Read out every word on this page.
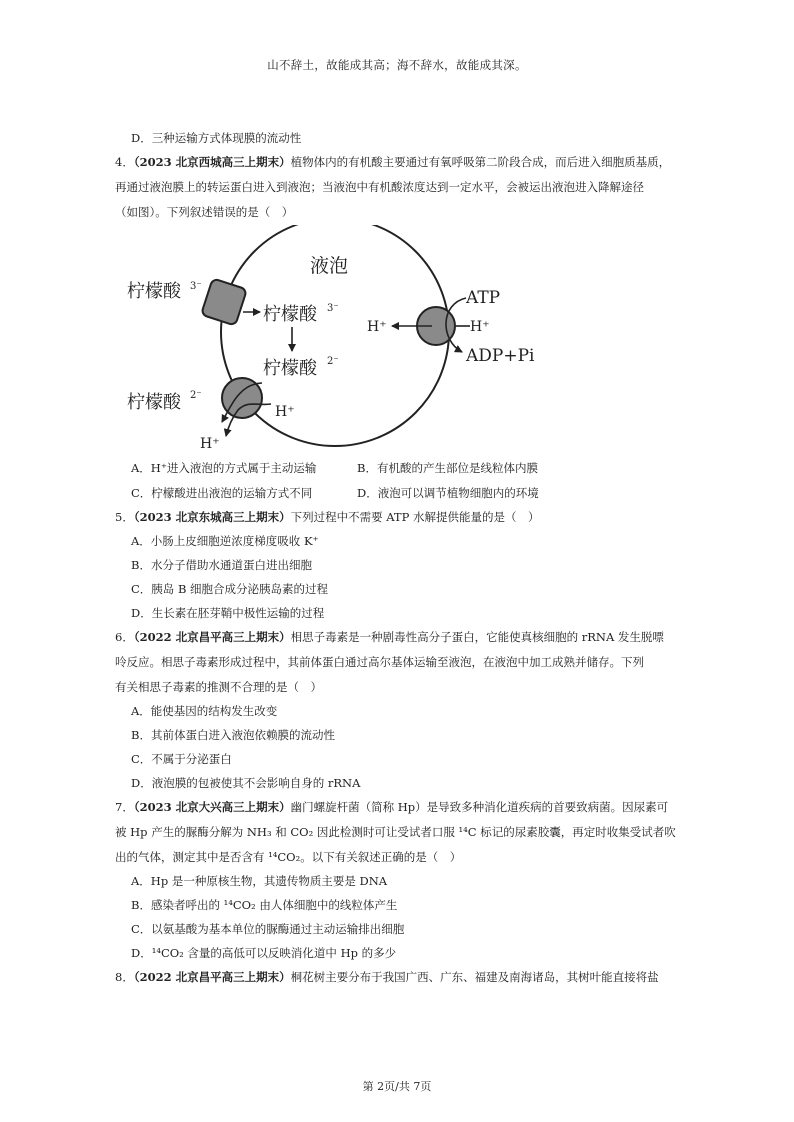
山不辞土，故能成其高；海不辞水，故能成其深。
D．三种运输方式体现膜的流动性
4．（2023 北京西城高三上期末）植物体内的有机酸主要通过有氧呼吸第二阶段合成，而后进入细胞质基质，
再通过液泡膜上的转运蛋白进入到液泡；当液泡中有机酸浓度达到一定水平，会被运出液泡进入降解途径
（如图）。下列叙述错误的是（　）
液泡
柠檬酸 3⁻
柠檬酸 3⁻
柠檬酸 2⁻
柠檬酸 2⁻
H⁺
H⁺
H⁺	H⁺
ATP
ADP+Pi
A．H⁺进入液泡的方式属于主动运输	B．有机酸的产生部位是线粒体内膜
C．柠檬酸进出液泡的运输方式不同	D．液泡可以调节植物细胞内的环境
5．（2023 北京东城高三上期末）下列过程中不需要 ATP 水解提供能量的是（　）
A．小肠上皮细胞逆浓度梯度吸收 K⁺
B．水分子借助水通道蛋白进出细胞
C．胰岛 B 细胞合成分泌胰岛素的过程
D．生长素在胚芽鞘中极性运输的过程
6．（2022 北京昌平高三上期末）相思子毒素是一种剧毒性高分子蛋白，它能使真核细胞的 rRNA 发生脱嘌
呤反应。相思子毒素形成过程中，其前体蛋白通过高尔基体运输至液泡，在液泡中加工成熟并储存。下列
有关相思子毒素的推测不合理的是（　）
A．能使基因的结构发生改变
B．其前体蛋白进入液泡依赖膜的流动性
C．不属于分泌蛋白
D．液泡膜的包被使其不会影响自身的 rRNA
7．（2023 北京大兴高三上期末）幽门螺旋杆菌（简称 Hp）是导致多种消化道疾病的首要致病菌。因尿素可
被 Hp 产生的脲酶分解为 NH₃ 和 CO₂ 因此检测时可让受试者口服 ¹⁴C 标记的尿素胶囊，再定时收集受试者吹
出的气体，测定其中是否含有 ¹⁴CO₂。以下有关叙述正确的是（　）
A．Hp 是一种原核生物，其遗传物质主要是 DNA
B．感染者呼出的 ¹⁴CO₂ 由人体细胞中的线粒体产生
C．以氨基酸为基本单位的脲酶通过主动运输排出细胞
D．¹⁴CO₂ 含量的高低可以反映消化道中 Hp 的多少
8．（2022 北京昌平高三上期末）桐花树主要分布于我国广西、广东、福建及南海诸岛，其树叶能直接将盐
第 2页/共 7页
